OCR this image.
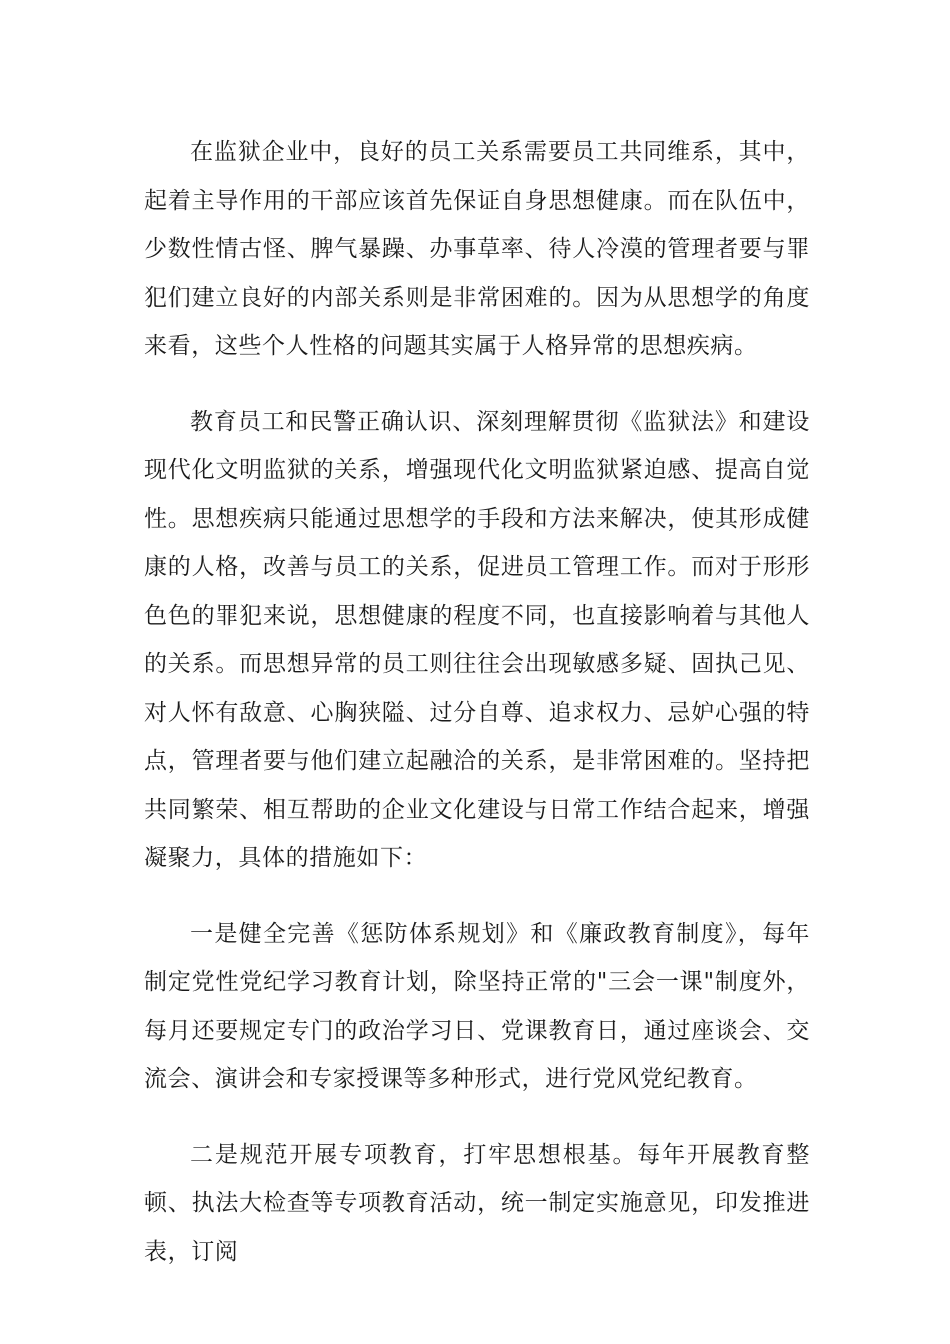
在监狱企业中，良好的员工关系需要员工共同维系，其中，起着主导作用的干部应该首先保证自身思想健康。而在队伍中，少数性情古怪、脾气暴躁、办事草率、待人冷漠的管理者要与罪犯们建立良好的内部关系则是非常困难的。因为从思想学的角度来看，这些个人性格的问题其实属于人格异常的思想疾病。

教育员工和民警正确认识、深刻理解贯彻《监狱法》和建设现代化文明监狱的关系，增强现代化文明监狱紧迫感、提高自觉性。思想疾病只能通过思想学的手段和方法来解决，使其形成健康的人格，改善与员工的关系，促进员工管理工作。而对于形形色色的罪犯来说，思想健康的程度不同，也直接影响着与其他人的关系。而思想异常的员工则往往会出现敏感多疑、固执己见、对人怀有敌意、心胸狭隘、过分自尊、追求权力、忌妒心强的特点，管理者要与他们建立起融洽的关系，是非常困难的。坚持把共同繁荣、相互帮助的企业文化建设与日常工作结合起来，增强凝聚力，具体的措施如下：

一是健全完善《惩防体系规划》和《廉政教育制度》，每年制定党性党纪学习教育计划，除坚持正常的"三会一课"制度外，每月还要规定专门的政治学习日、党课教育日，通过座谈会、交流会、演讲会和专家授课等多种形式，进行党风党纪教育。

二是规范开展专项教育，打牢思想根基。每年开展教育整顿、执法大检查等专项教育活动，统一制定实施意见，印发推进表，订阅
